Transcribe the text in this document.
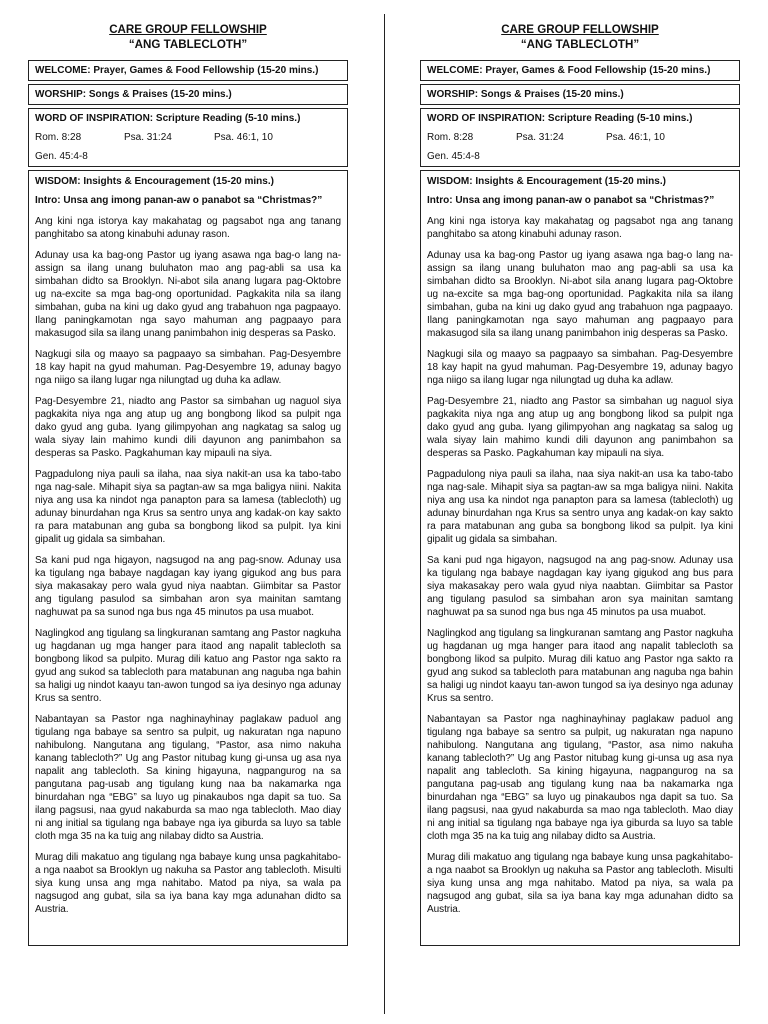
CARE GROUP FELLOWSHIP
“ANG TABLECLOTH”
WELCOME: Prayer, Games & Food Fellowship (15-20 mins.)
WORSHIP: Songs & Praises (15-20 mins.)
WORD OF INSPIRATION: Scripture Reading (5-10 mins.)
Rom. 8:28	Psa. 31:24	Psa. 46:1, 10
Gen. 45:4-8
WISDOM: Insights & Encouragement (15-20 mins.)
Intro: Unsa ang imong panan-aw o panabot sa “Christmas?”

Ang kini nga istorya kay makahatag og pagsabot nga ang tanang panghitabo sa atong kinabuhi adunay rason.

Adunay usa ka bag-ong Pastor ug iyang asawa nga bag-o lang na-assign sa ilang unang buluhaton mao ang pag-abli sa usa ka simbahan didto sa Brooklyn. Ni-abot sila anang lugara pag-Oktobre ug na-excite sa mga bag-ong oportunidad. Pagkakita nila sa ilang simbahan, guba na kini ug dako gyud ang trabahuon nga pagpaayo. Ilang paningkamotan nga sayo mahuman ang pagpaayo para makasugod sila sa ilang unang panimbahon inig desperas sa Pasko.

Nagkugi sila og maayo sa pagpaayo sa simbahan. Pag-Desyembre 18 kay hapit na gyud mahuman. Pag-Desyembre 19, adunay bagyo nga niigo sa ilang lugar nga nilungtad ug duha ka adlaw.

Pag-Desyembre 21, niadto ang Pastor sa simbahan ug naguol siya pagkakita niya nga ang atup ug ang bongbong likod sa pulpit nga dako gyud ang guba. Iyang gilimpyohan ang nagkatag sa salog ug wala siyay lain mahimo kundi dili dayunon ang panimbahon sa desperas sa Pasko. Pagkahuman kay mipauli na siya.

Pagpadulong niya pauli sa ilaha, naa siya nakit-an usa ka tabo-tabo nga nag-sale. Mihapit siya sa pagtan-aw sa mga baligya niini. Nakita niya ang usa ka nindot nga panapton para sa lamesa (tablecloth) ug adunay binurdahan nga Krus sa sentro unya ang kadak-on kay sakto ra para matabunan ang guba sa bongbong likod sa pulpit. Iya kini gipalit ug gidala sa simbahan.

Sa kani pud nga higayon, nagsugod na ang pag-snow. Adunay usa ka tigulang nga babaye nagdagan kay iyang gigukod ang bus para siya makasakay pero wala gyud niya naabtan. Giimbitar sa Pastor ang tigulang pasulod sa simbahan aron sya mainitan samtang naghuwat pa sa sunod nga bus nga 45 minutos pa usa muabot.

Naglingkod ang tigulang sa lingkuranan samtang ang Pastor nagkuha ug hagdanan ug mga hanger para itaod ang napalit tablecloth sa bongbong likod sa pulpito. Murag dili katuo ang Pastor nga sakto ra gyud ang sukod sa tablecloth para matabunan ang naguba nga bahin sa haligi ug nindot kaayu tan-awon tungod sa iya desinyo nga adunay Krus sa sentro.

Nabantayan sa Pastor nga naghinayhinay paglakaw paduol ang tigulang nga babaye sa sentro sa pulpit, ug nakuratan nga napuno nahibulong. Nangutana ang tigulang, “Pastor, asa nimo nakuha kanang tablecloth?” Ug ang Pastor nitubag kung gi-unsa ug asa nya napalit ang tablecloth. Sa kining higayuna, nagpangurog na sa pangutana pag-usab ang tigulang kung naa ba nakamarka nga binurdahan nga “EBG” sa luyo ug pinakaubos nga dapit sa tuo. Sa ilang pagsusi, naa gyud nakaburda sa mao nga tablecloth. Mao diay ni ang initial sa tigulang nga babaye nga iya giburda sa luyo sa table cloth mga 35 na ka tuig ang nilabay didto sa Austria.

Murag dili makatuo ang tigulang nga babaye kung unsa pagkahitabo-a nga naabot sa Brooklyn ug nakuha sa Pastor ang tablecloth. Misulti siya kung unsa ang mga nahitabo. Matod pa niya, sa wala pa nagsugod ang gubat, sila sa iya bana kay mga adunahan didto sa Austria.

CARE GROUP FELLOWSHIP
“ANG TABLECLOTH”
WELCOME: Prayer, Games & Food Fellowship (15-20 mins.)
WORSHIP: Songs & Praises (15-20 mins.)
WORD OF INSPIRATION: Scripture Reading (5-10 mins.)
Rom. 8:28	Psa. 31:24	Psa. 46:1, 10
Gen. 45:4-8
WISDOM: Insights & Encouragement (15-20 mins.)
Intro: Unsa ang imong panan-aw o panabot sa “Christmas?”

Ang kini nga istorya kay makahatag og pagsabot nga ang tanang panghitabo sa atong kinabuhi adunay rason.

Adunay usa ka bag-ong Pastor ug iyang asawa nga bag-o lang na-assign sa ilang unang buluhaton mao ang pag-abli sa usa ka simbahan didto sa Brooklyn. Ni-abot sila anang lugara pag-Oktobre ug na-excite sa mga bag-ong oportunidad. Pagkakita nila sa ilang simbahan, guba na kini ug dako gyud ang trabahuon nga pagpaayo. Ilang paningkamotan nga sayo mahuman ang pagpaayo para makasugod sila sa ilang unang panimbahon inig desperas sa Pasko.

Nagkugi sila og maayo sa pagpaayo sa simbahan. Pag-Desyembre 18 kay hapit na gyud mahuman. Pag-Desyembre 19, adunay bagyo nga niigo sa ilang lugar nga nilungtad ug duha ka adlaw.

Pag-Desyembre 21, niadto ang Pastor sa simbahan ug naguol siya pagkakita niya nga ang atup ug ang bongbong likod sa pulpit nga dako gyud ang guba. Iyang gilimpyohan ang nagkatag sa salog ug wala siyay lain mahimo kundi dili dayunon ang panimbahon sa desperas sa Pasko. Pagkahuman kay mipauli na siya.

Pagpadulong niya pauli sa ilaha, naa siya nakit-an usa ka tabo-tabo nga nag-sale. Mihapit siya sa pagtan-aw sa mga baligya niini. Nakita niya ang usa ka nindot nga panapton para sa lamesa (tablecloth) ug adunay binurdahan nga Krus sa sentro unya ang kadak-on kay sakto ra para matabunan ang guba sa bongbong likod sa pulpit. Iya kini gipalit ug gidala sa simbahan.

Sa kani pud nga higayon, nagsugod na ang pag-snow. Adunay usa ka tigulang nga babaye nagdagan kay iyang gigukod ang bus para siya makasakay pero wala gyud niya naabtan. Giimbitar sa Pastor ang tigulang pasulod sa simbahan aron sya mainitan samtang naghuwat pa sa sunod nga bus nga 45 minutos pa usa muabot.

Naglingkod ang tigulang sa lingkuranan samtang ang Pastor nagkuha ug hagdanan ug mga hanger para itaod ang napalit tablecloth sa bongbong likod sa pulpito. Murag dili katuo ang Pastor nga sakto ra gyud ang sukod sa tablecloth para matabunan ang naguba nga bahin sa haligi ug nindot kaayu tan-awon tungod sa iya desinyo nga adunay Krus sa sentro.

Nabantayan sa Pastor nga naghinayhinay paglakaw paduol ang tigulang nga babaye sa sentro sa pulpit, ug nakuratan nga napuno nahibulong. Nangutana ang tigulang, “Pastor, asa nimo nakuha kanang tablecloth?” Ug ang Pastor nitubag kung gi-unsa ug asa nya napalit ang tablecloth. Sa kining higayuna, nagpangurog na sa pangutana pag-usab ang tigulang kung naa ba nakamarka nga binurdahan nga “EBG” sa luyo ug pinakaubos nga dapit sa tuo. Sa ilang pagsusi, naa gyud nakaburda sa mao nga tablecloth. Mao diay ni ang initial sa tigulang nga babaye nga iya giburda sa luyo sa table cloth mga 35 na ka tuig ang nilabay didto sa Austria.

Murag dili makatuo ang tigulang nga babaye kung unsa pagkahitabo-a nga naabot sa Brooklyn ug nakuha sa Pastor ang tablecloth. Misulti siya kung unsa ang mga nahitabo. Matod pa niya, sa wala pa nagsugod ang gubat, sila sa iya bana kay mga adunahan didto sa Austria.
